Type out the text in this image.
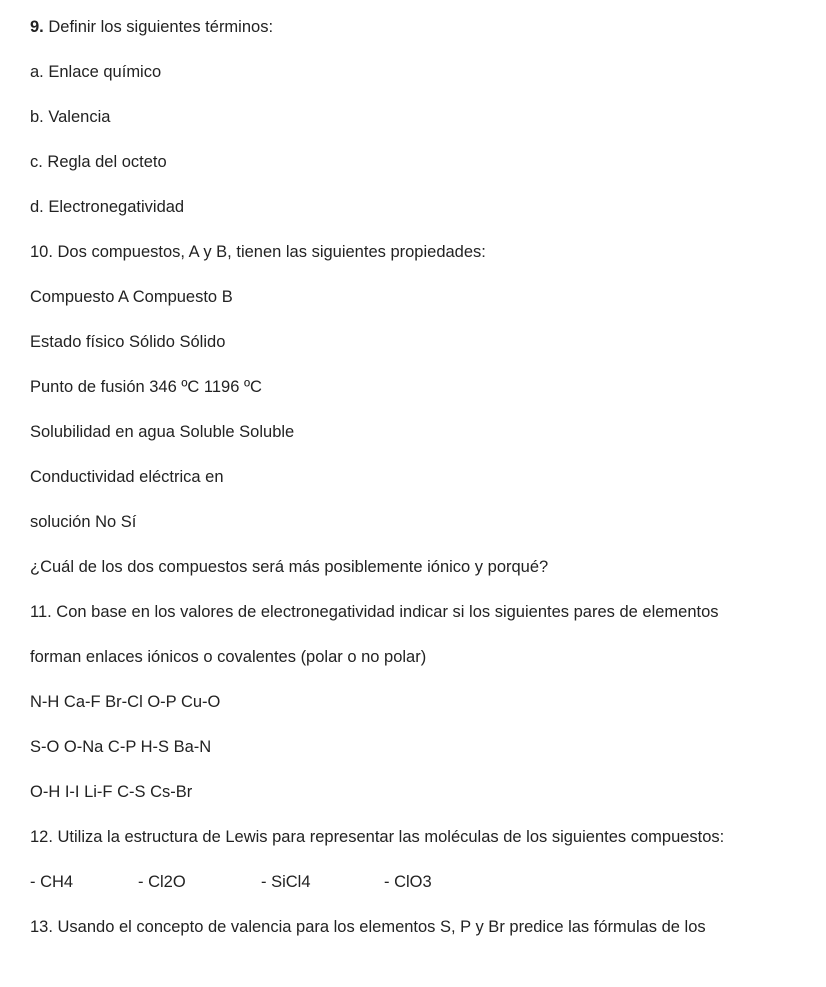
9. Definir los siguientes términos:
a. Enlace químico
b. Valencia
c. Regla del octeto
d. Electronegatividad
10. Dos compuestos, A y B, tienen las siguientes propiedades:
Compuesto A Compuesto B
Estado físico Sólido Sólido
Punto de fusión 346 ºC 1196 ºC
Solubilidad en agua Soluble Soluble
Conductividad eléctrica en
solución No Sí
¿Cuál de los dos compuestos será más posiblemente iónico y porqué?
11. Con base en los valores de electronegatividad indicar si los siguientes pares de elementos
forman enlaces iónicos o covalentes (polar o no polar)
N-H Ca-F Br-Cl O-P Cu-O
S-O O-Na C-P H-S Ba-N
O-H I-I Li-F C-S Cs-Br
12. Utiliza la estructura de Lewis para representar las moléculas de los siguientes compuestos:
- CH4	- Cl2O	- SiCl4	- ClO3
13. Usando el concepto de valencia para los elementos S, P y Br predice las fórmulas de los
